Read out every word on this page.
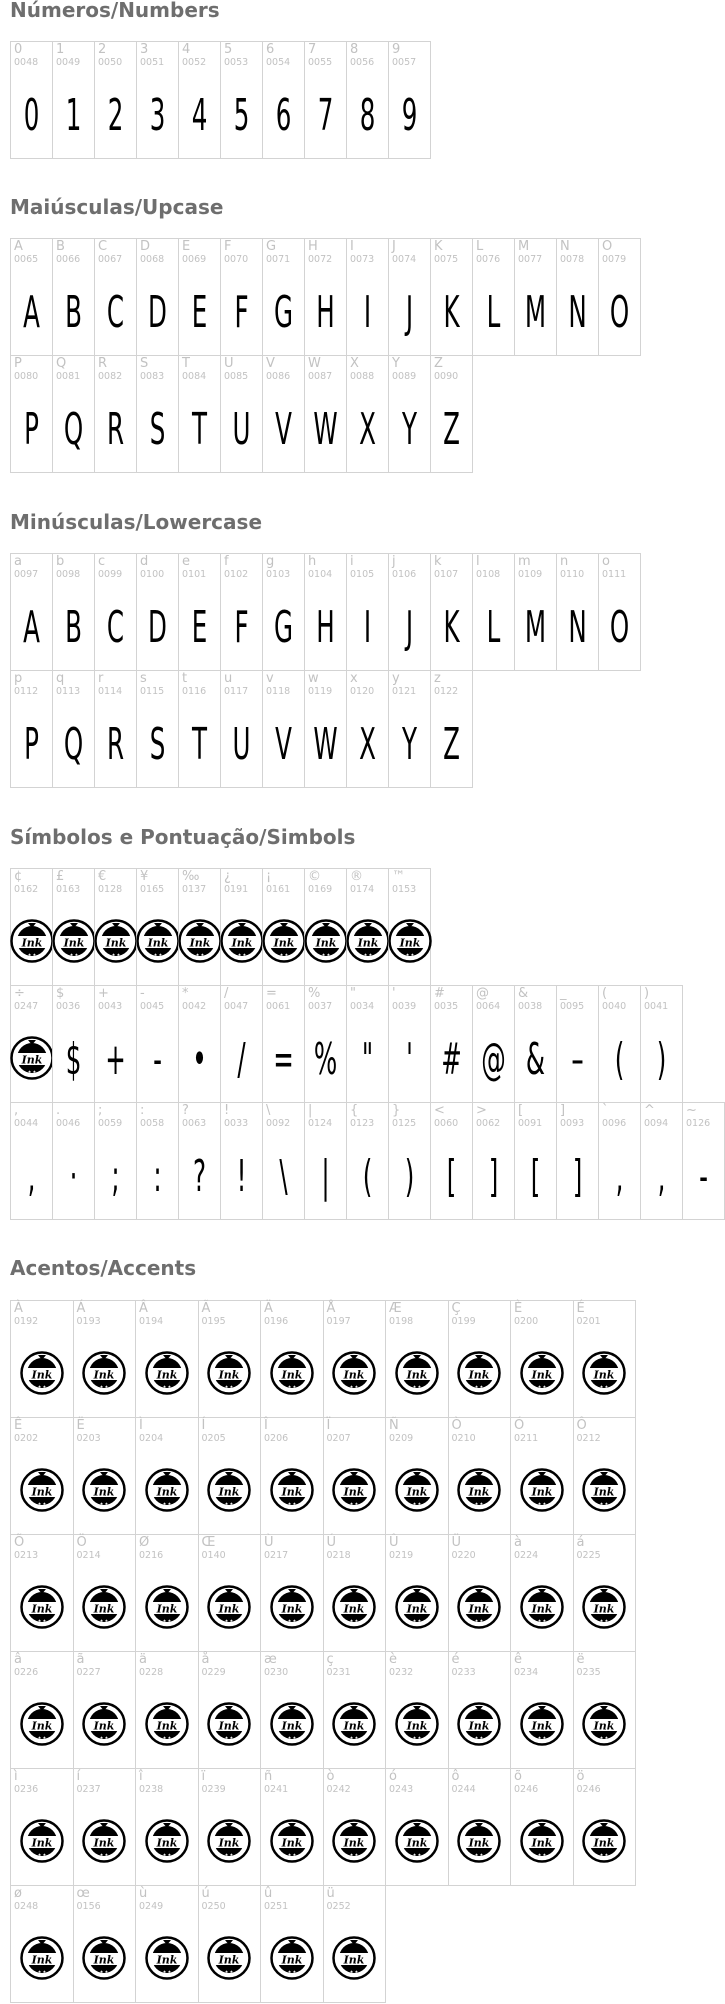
Números/Numbers
0
0048
0
1
0049
1
2
0050
2
3
0051
3
4
0052
4
5
0053
5
6
0054
6
7
0055
7
8
0056
8
9
0057
9
Maiúsculas/Upcase
A
0065
A
B
0066
B
C
0067
C
D
0068
D
E
0069
E
F
0070
F
G
0071
G
H
0072
H
I
0073
I
J
0074
J
K
0075
K
L
0076
L
M
0077
M
N
0078
N
O
0079
O
P
0080
P
Q
0081
Q
R
0082
R
S
0083
S
T
0084
T
U
0085
U
V
0086
V
W
0087
W
X
0088
X
Y
0089
Y
Z
0090
Z
Minúsculas/Lowercase
a
0097
A
b
0098
B
c
0099
C
d
0100
D
e
0101
E
f
0102
F
g
0103
G
h
0104
H
i
0105
I
j
0106
J
k
0107
K
l
0108
L
m
0109
M
n
0110
N
o
0111
O
p
0112
P
q
0113
Q
r
0114
R
s
0115
S
t
0116
T
u
0117
U
v
0118
V
w
0119
W
x
0120
X
y
0121
Y
z
0122
Z
Símbolos e Pontuação/Simbols
¢
0162
Ink
★ ★
£
0163
Ink
★ ★
€
0128
Ink
★ ★
¥
0165
Ink
★ ★
‰
0137
Ink
★ ★
¿
0191
Ink
★ ★
¡
0161
Ink
★ ★
©
0169
Ink
★ ★
®
0174
Ink
★ ★
™
0153
Ink
★ ★
÷
0247
Ink
★ ★
$
0036
$
+
0043
+
-
0045
-
*
0042
•
/
0047
/
=
0061
=
%
0037
%
"
0034
"
'
0039
'
#
0035
#
@
0064
@
&
0038
&
_
0095
–
(
0040
(
)
0041
)
,
0044
,
.
0046
·
;
0059
;
:
0058
:
?
0063
?
!
0033
!
\
0092
\
|
0124
|
{
0123
(
}
0125
)
<
0060
[
>
0062
]
[
0091
[
]
0093
]
`
0096
,
^
0094
,
~
0126
-
Acentos/Accents
À
0192
Ink
★ ★
Á
0193
Ink
★ ★
Â
0194
Ink
★ ★
Ã
0195
Ink
★ ★
Ä
0196
Ink
★ ★
Å
0197
Ink
★ ★
Æ
0198
Ink
★ ★
Ç
0199
Ink
★ ★
È
0200
Ink
★ ★
É
0201
Ink
★ ★
Ê
0202
Ink
★ ★
Ë
0203
Ink
★ ★
Ì
0204
Ink
★ ★
Í
0205
Ink
★ ★
Î
0206
Ink
★ ★
Ï
0207
Ink
★ ★
Ñ
0209
Ink
★ ★
Ò
0210
Ink
★ ★
Ó
0211
Ink
★ ★
Ô
0212
Ink
★ ★
Õ
0213
Ink
★ ★
Ö
0214
Ink
★ ★
Ø
0216
Ink
★ ★
Œ
0140
Ink
★ ★
Ù
0217
Ink
★ ★
Ú
0218
Ink
★ ★
Û
0219
Ink
★ ★
Ü
0220
Ink
★ ★
à
0224
Ink
★ ★
á
0225
Ink
★ ★
â
0226
Ink
★ ★
ã
0227
Ink
★ ★
ä
0228
Ink
★ ★
å
0229
Ink
★ ★
æ
0230
Ink
★ ★
ç
0231
Ink
★ ★
è
0232
Ink
★ ★
é
0233
Ink
★ ★
ê
0234
Ink
★ ★
ë
0235
Ink
★ ★
ì
0236
Ink
★ ★
í
0237
Ink
★ ★
î
0238
Ink
★ ★
ï
0239
Ink
★ ★
ñ
0241
Ink
★ ★
ò
0242
Ink
★ ★
ó
0243
Ink
★ ★
ô
0244
Ink
★ ★
õ
0246
Ink
★ ★
ö
0246
Ink
★ ★
ø
0248
Ink
★ ★
œ
0156
Ink
★ ★
ù
0249
Ink
★ ★
ú
0250
Ink
★ ★
û
0251
Ink
★ ★
ü
0252
Ink
★ ★
